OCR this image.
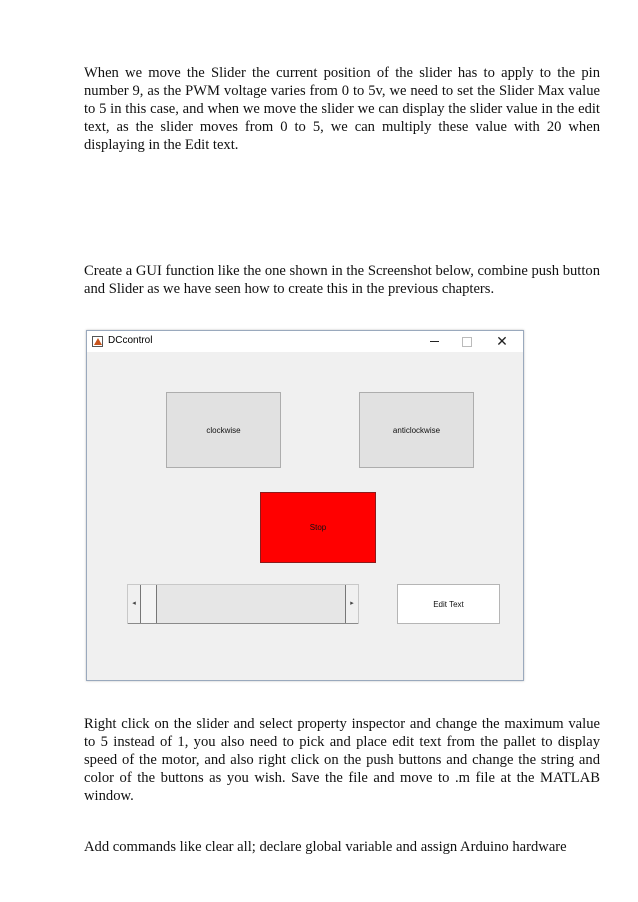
When we move the Slider the current position of the slider has to apply to the pin number 9, as the PWM voltage varies from 0 to 5v, we need to set the Slider Max value to 5 in this case, and when we move the slider we can display the slider value in the edit text, as the slider moves from 0 to 5, we can multiply these value with 20 when displaying in the Edit text.

Create a GUI function like the one shown in the Screenshot below, combine push button and Slider as we have seen how to create this in the previous chapters.

DCcontrol	✕
clockwise	anticlockwise
Stop
◂	▸	Edit Text

Right click on the slider and select property inspector and change the maximum value to 5 instead of 1, you also need to pick and place edit text from the pallet to display speed of the motor, and also right click on the push buttons and change the string and color of the buttons as you wish. Save the file and move to .m file at the MATLAB window.

Add commands like clear all; declare global variable and assign Arduino hardware
